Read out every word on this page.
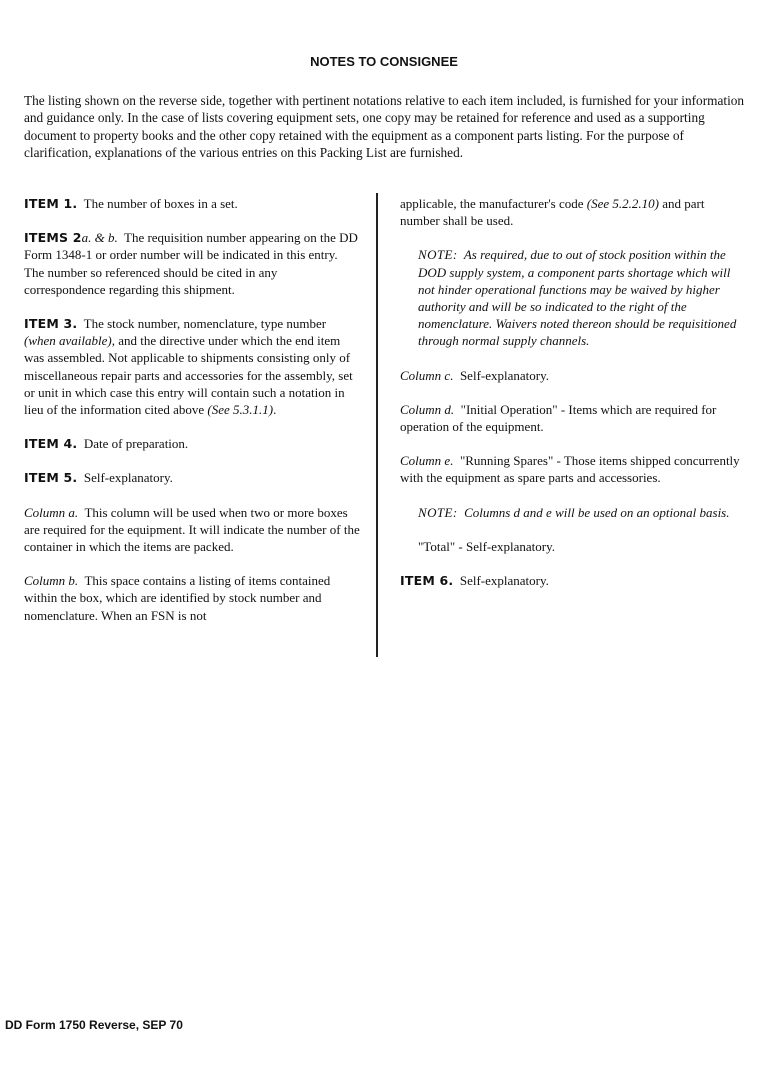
NOTES TO CONSIGNEE
The listing shown on the reverse side, together with pertinent notations relative to each item included, is furnished for your information and guidance only. In the case of lists covering equipment sets, one copy may be retained for reference and used as a supporting document to property books and the other copy retained with the equipment as a component parts listing. For the purpose of clarification, explanations of the various entries on this Packing List are furnished.

ITEM 1. The number of boxes in a set.

ITEMS 2a. & b. The requisition number appearing on the DD Form 1348-1 or order number will be indicated in this entry. The number so referenced should be cited in any correspondence regarding this shipment.

ITEM 3. The stock number, nomenclature, type number (when available), and the directive under which the end item was assembled. Not applicable to shipments consisting only of miscellaneous repair parts and accessories for the assembly, set or unit in which case this entry will contain such a notation in lieu of the information cited above (See 5.3.1.1).

ITEM 4. Date of preparation.

ITEM 5. Self-explanatory.

Column a. This column will be used when two or more boxes are required for the equipment. It will indicate the number of the container in which the items are packed.

Column b. This space contains a listing of items contained within the box, which are identified by stock number and nomenclature. When an FSN is not

applicable, the manufacturer's code (See 5.2.2.10) and part number shall be used.

NOTE: As required, due to out of stock position within the DOD supply system, a component parts shortage which will not hinder operational functions may be waived by higher authority and will be so indicated to the right of the nomenclature. Waivers noted thereon should be requisitioned through normal supply channels.

Column c. Self-explanatory.

Column d. "Initial Operation" - Items which are required for operation of the equipment.

Column e. "Running Spares" - Those items shipped concurrently with the equipment as spare parts and accessories.

NOTE: Columns d and e will be used on an optional basis.

"Total" - Self-explanatory.

ITEM 6. Self-explanatory.

DD Form 1750 Reverse, SEP 70
